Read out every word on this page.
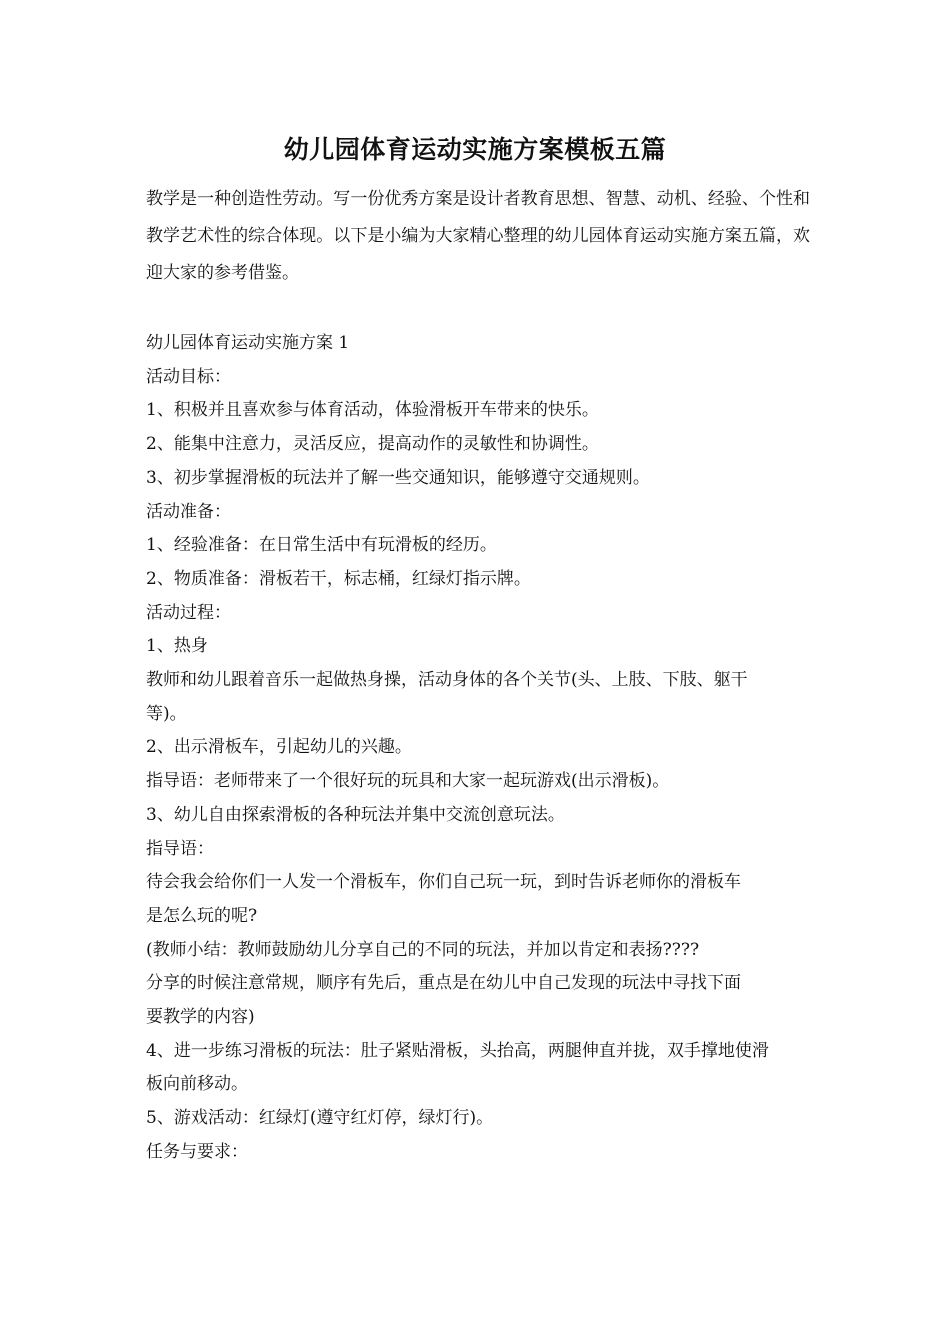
幼儿园体育运动实施方案模板五篇

教学是一种创造性劳动。写一份优秀方案是设计者教育思想、智慧、动机、经验、个性和教学艺术性的综合体现。以下是小编为大家精心整理的幼儿园体育运动实施方案五篇，欢迎大家的参考借鉴。

幼儿园体育运动实施方案 1
活动目标：
1、积极并且喜欢参与体育活动，体验滑板开车带来的快乐。
2、能集中注意力，灵活反应，提高动作的灵敏性和协调性。
3、初步掌握滑板的玩法并了解一些交通知识，能够遵守交通规则。
活动准备：
1、经验准备：在日常生活中有玩滑板的经历。
2、物质准备：滑板若干，标志桶，红绿灯指示牌。
活动过程：
1、热身
教师和幼儿跟着音乐一起做热身操，活动身体的各个关节(头、上肢、下肢、躯干
等)。
2、出示滑板车，引起幼儿的兴趣。
指导语：老师带来了一个很好玩的玩具和大家一起玩游戏(出示滑板)。
3、幼儿自由探索滑板的各种玩法并集中交流创意玩法。
指导语：
待会我会给你们一人发一个滑板车，你们自己玩一玩，到时告诉老师你的滑板车
是怎么玩的呢?
(教师小结：教师鼓励幼儿分享自己的不同的玩法，并加以肯定和表扬????
分享的时候注意常规，顺序有先后，重点是在幼儿中自己发现的玩法中寻找下面
要教学的内容)
4、进一步练习滑板的玩法：肚子紧贴滑板，头抬高，两腿伸直并拢，双手撑地使滑
板向前移动。
5、游戏活动：红绿灯(遵守红灯停，绿灯行)。
任务与要求：
